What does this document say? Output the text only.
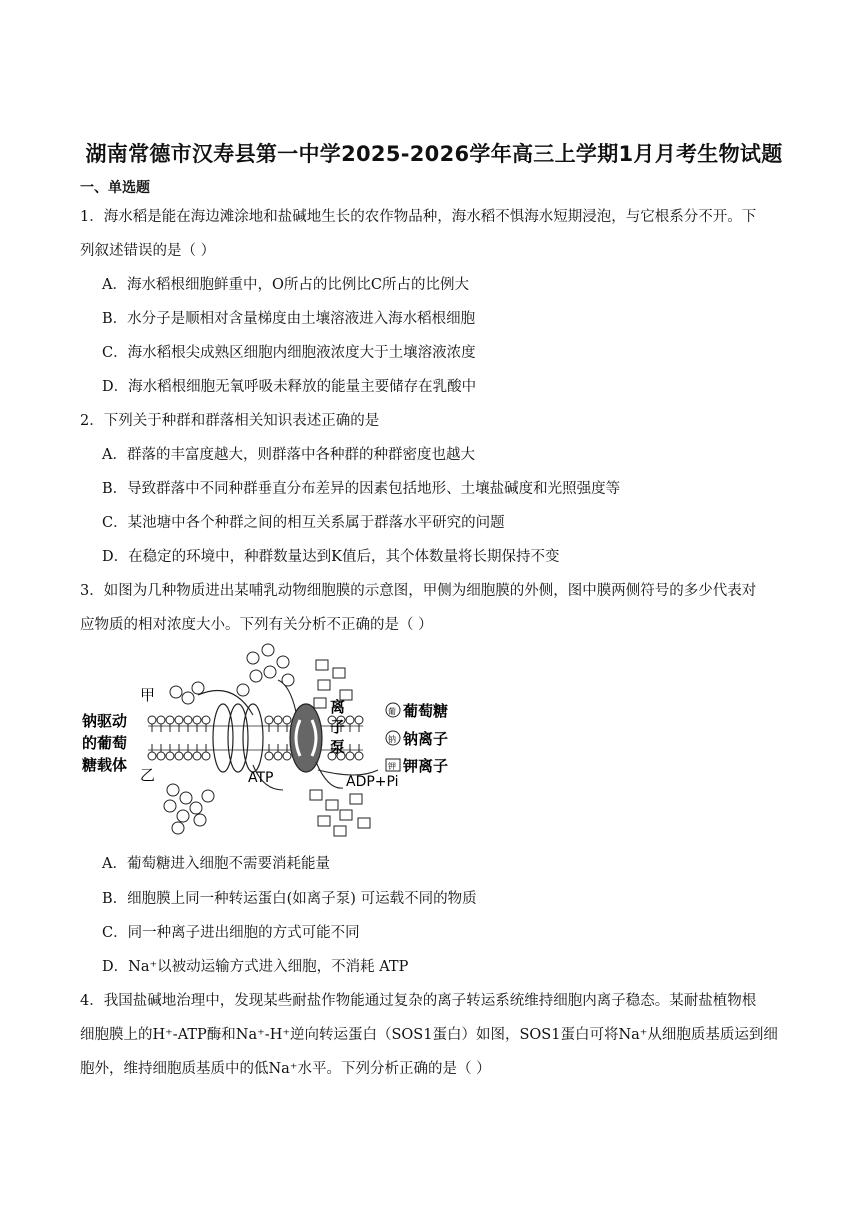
湖南常德市汉寿县第一中学2025-2026学年高三上学期1月月考生物试题
一、单选题
1．海水稻是能在海边滩涂地和盐碱地生长的农作物品种，海水稻不惧海水短期浸泡，与它根系分不开。下
列叙述错误的是（ ）
A．海水稻根细胞鲜重中，O所占的比例比C所占的比例大
B．水分子是顺相对含量梯度由土壤溶液进入海水稻根细胞
C．海水稻根尖成熟区细胞内细胞液浓度大于土壤溶液浓度
D．海水稻根细胞无氧呼吸未释放的能量主要储存在乳酸中
2．下列关于种群和群落相关知识表述正确的是
A．群落的丰富度越大，则群落中各种群的种群密度也越大
B．导致群落中不同种群垂直分布差异的因素包括地形、土壤盐碱度和光照强度等
C．某池塘中各个种群之间的相互关系属于群落水平研究的问题
D．在稳定的环境中，种群数量达到K值后，其个体数量将长期保持不变
3．如图为几种物质进出某哺乳动物细胞膜的示意图，甲侧为细胞膜的外侧，图中膜两侧符号的多少代表对
应物质的相对浓度大小。下列有关分析不正确的是（ ）
甲
乙
钠驱动
的葡萄
糖载体
离
子
泵
ATP	ADP+Pi
葡 葡萄糖
钠 钠离子
钾 钾离子
A．葡萄糖进入细胞不需要消耗能量
B．细胞膜上同一种转运蛋白(如离子泵) 可运载不同的物质
C．同一种离子进出细胞的方式可能不同
D．Na⁺以被动运输方式进入细胞，不消耗 ATP
4．我国盐碱地治理中，发现某些耐盐作物能通过复杂的离子转运系统维持细胞内离子稳态。某耐盐植物根
细胞膜上的H⁺-ATP酶和Na⁺-H⁺逆向转运蛋白（SOS1蛋白）如图，SOS1蛋白可将Na⁺从细胞质基质运到细
胞外，维持细胞质基质中的低Na⁺水平。下列分析正确的是（ ）
